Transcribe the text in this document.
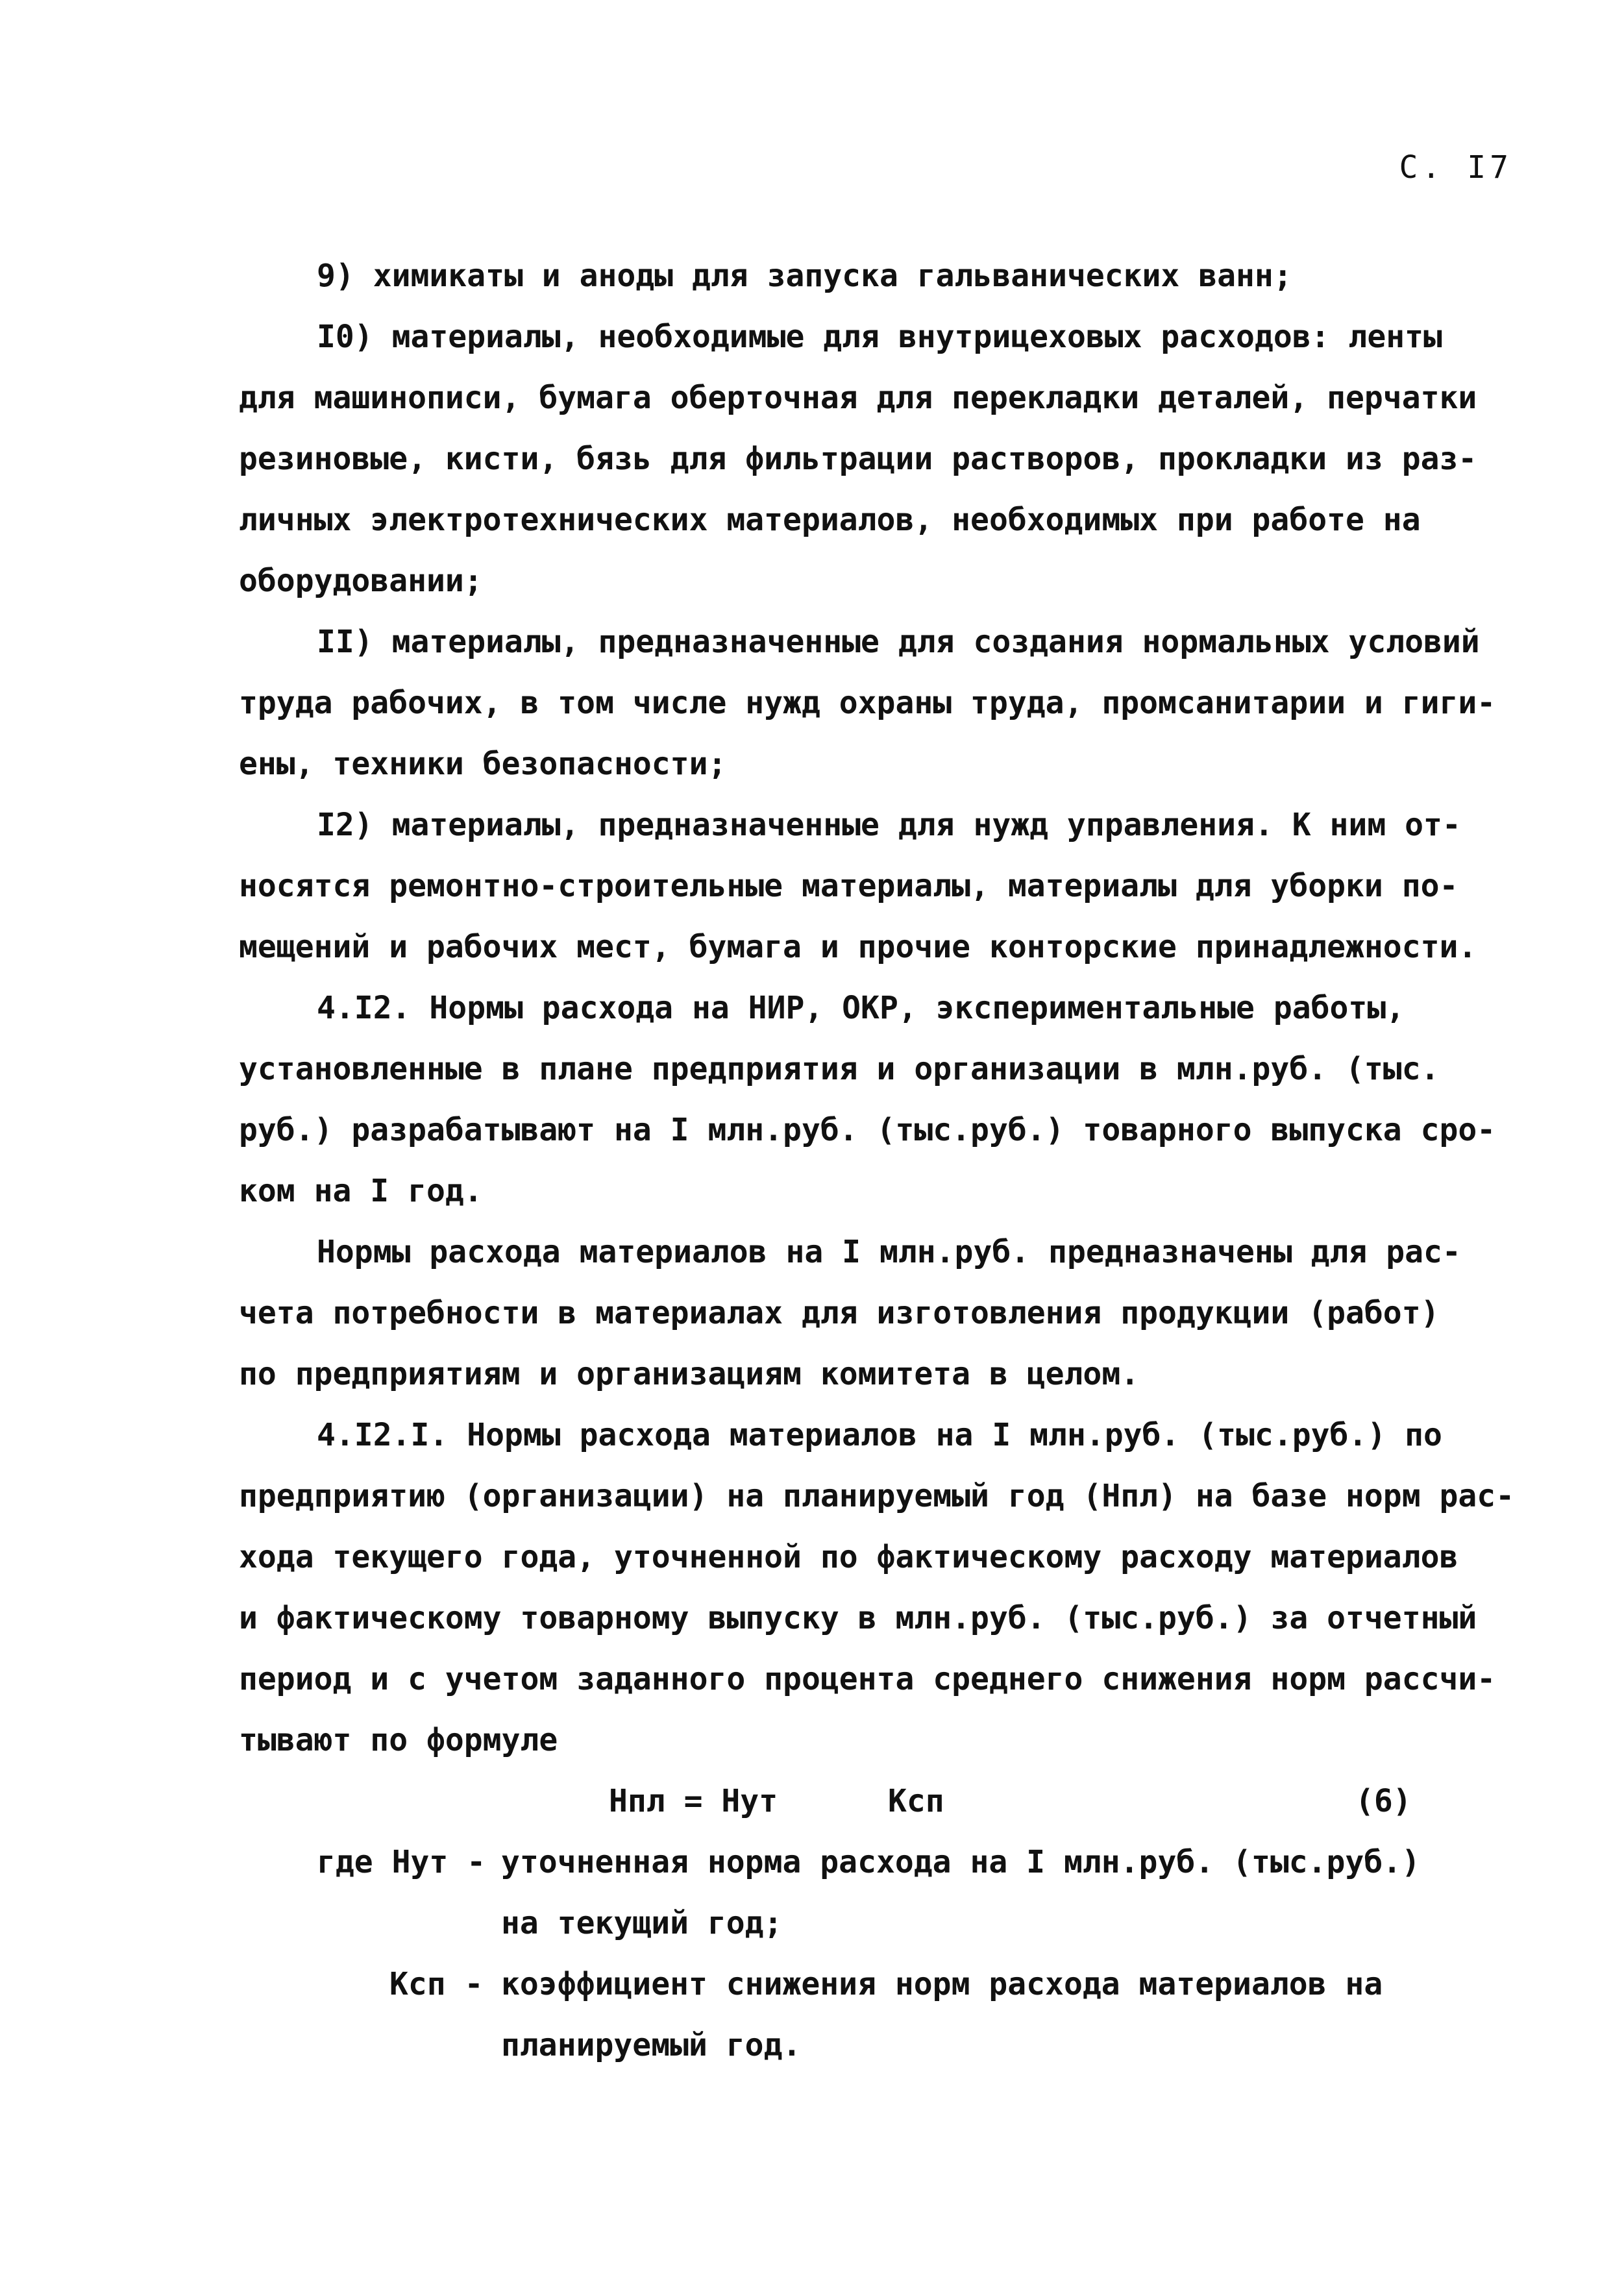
С. І7
9) химикаты и аноды для запуска гальванических ванн;
І0) материалы, необходимые для внутрицеховых расходов: ленты
для машинописи, бумага оберточная для перекладки деталей, перчатки
резиновые, кисти, бязь для фильтрации растворов, прокладки из раз-
личных электротехнических материалов, необходимых при работе на
оборудовании;
ІІ) материалы, предназначенные для создания нормальных условий
труда рабочих, в том числе нужд охраны труда, промсанитарии и гиги-
ены, техники безопасности;
І2) материалы, предназначенные для нужд управления. К ним от-
носятся ремонтно-строительные материалы, материалы для уборки по-
мещений и рабочих мест, бумага и прочие конторские принадлежности.
4.І2. Нормы расхода на НИР, ОКР, экспериментальные работы,
установленные в плане предприятия и организации в млн.руб. (тыс.
руб.) разрабатывают на І млн.руб. (тыс.руб.) товарного выпуска сро-
ком на І год.
Нормы расхода материалов на І млн.руб. предназначены для рас-
чета потребности в материалах для изготовления продукции (работ)
по предприятиям и организациям комитета в целом.
4.І2.І. Нормы расхода материалов на І млн.руб. (тыс.руб.) по
предприятию (организации) на планируемый год (Нпл) на базе норм рас-
хода текущего года, уточненной по фактическому расходу материалов
и фактическому товарному выпуску в млн.руб. (тыс.руб.) за отчетный
период и с учетом заданного процента среднего снижения норм рассчи-
тывают по формуле
Нпл = Нут	Ксп	(6)
где Нут - уточненная норма расхода на І млн.руб. (тыс.руб.)
на текущий год;
Ксп - коэффициент снижения норм расхода материалов на
планируемый год.
